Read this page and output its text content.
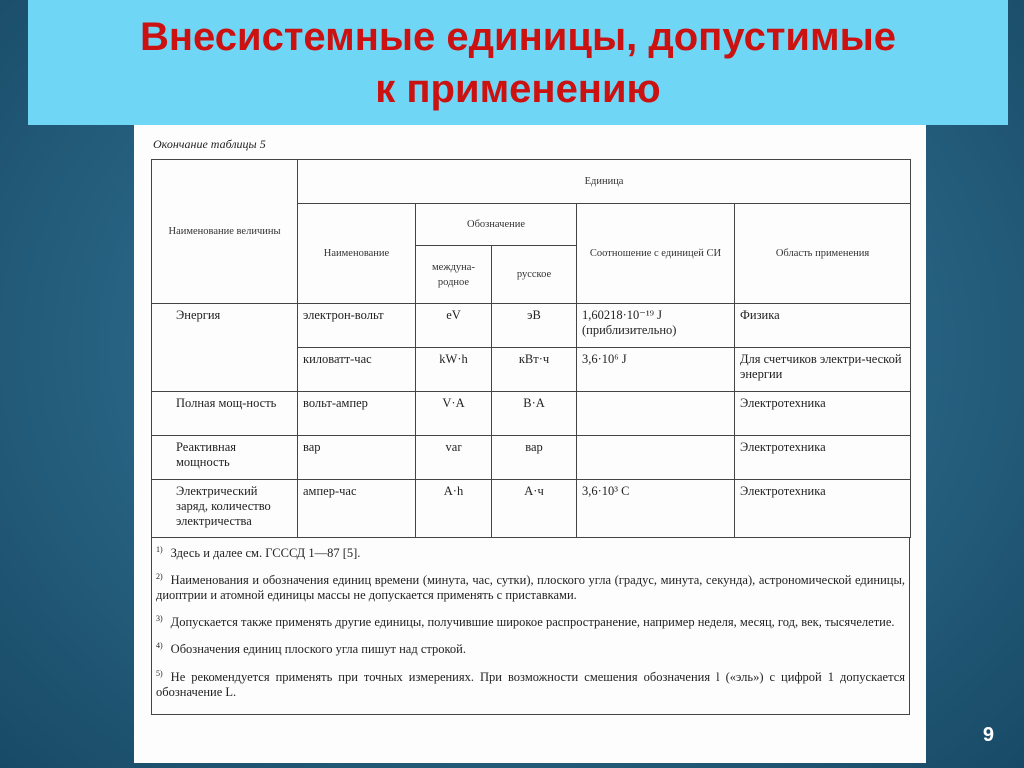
Внесистемные единицы, допустимые
к применению
Окончание таблицы 5
Наименование величины	Единица				
	Наименование	Обозначение		Соотношение с единицей СИ	Область применения
		междуна-родное	русское		
Энергия	электрон-вольт	eV	эВ	1,60218·10⁻¹⁹ J (приблизительно)	Физика
	киловатт-час	kW·h	кВт·ч	3,6·10⁶ J	Для счетчиков электри-ческой энергии
Полная мощ-ность	вольт-ампер	V·A	В·А		Электротехника
Реактивная мощность	вар	var	вар		Электротехника
Электрический заряд, количество электричества	ампер-час	A·h	А·ч	3,6·10³ C	Электротехника

$^{1)}$ Здесь и далее см. ГСССД 1—87 [5].

$^{2)}$ Наименования и обозначения единиц времени (минута, час, сутки), плоского угла (градус, минута, секунда), астрономической единицы, диоптрии и атомной единицы массы не допускается применять с приставками.

$^{3)}$ Допускается также применять другие единицы, получившие широкое распространение, например неделя, месяц, год, век, тысячелетие.

$^{4)}$ Обозначения единиц плоского угла пишут над строкой.

$^{5)}$ Не рекомендуется применять при точных измерениях. При возможности смешения обозначения l («эль») с цифрой 1 допускается обозначение L.

9
